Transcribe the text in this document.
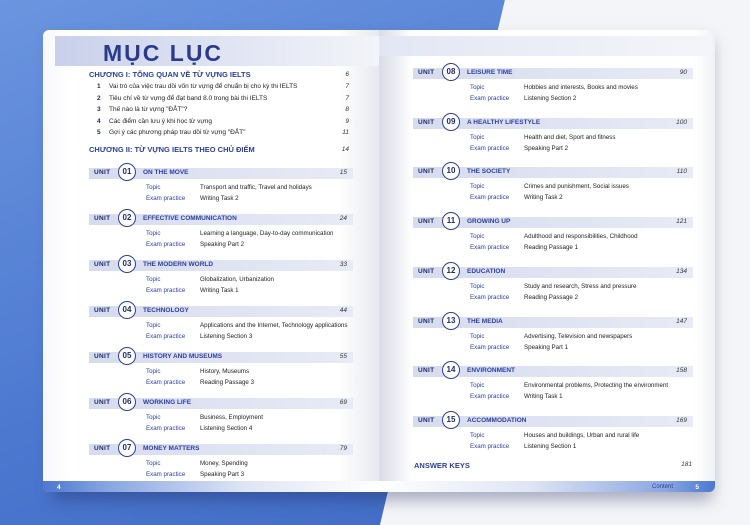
MỤC LỤC
CHƯƠNG I: TỔNG QUAN VỀ TỪ VỰNG IELTS	6
1 Vai trò của việc trau dồi vốn từ vựng để chuẩn bị cho kỳ thi IELTS	7
2 Tiêu chí về từ vựng để đạt band 8.0 trong bài thi IELTS	7
3 Thế nào là từ vựng "ĐẮT"?	8
4 Các điểm cần lưu ý khi học từ vựng	9
5 Gợi ý các phương pháp trau dồi từ vựng "ĐẮT"	11
CHƯƠNG II: TỪ VỰNG IELTS THEO CHỦ ĐIỂM	14
UNIT	01	ON THE MOVE	15
Topic	Transport and traffic, Travel and holidays
Exam practice Writing Task 2
UNIT	02	EFFECTIVE COMMUNICATION	24
Topic	Learning a language, Day-to-day communication
Exam practice Speaking Part 2
UNIT	03	THE MODERN WORLD	33
Topic	Globalization, Urbanization
Exam practice Writing Task 1
UNIT	04	TECHNOLOGY	44
Topic	Applications and the Internet, Technology applications
Exam practice Listening Section 3
UNIT	05	HISTORY AND MUSEUMS	55
Topic	History, Museums
Exam practice Reading Passage 3
UNIT	06	WORKING LIFE	69
Topic	Business, Employment
Exam practice Listening Section 4
UNIT	07	MONEY MATTERS	79
Topic	Money, Spending
Exam practice Speaking Part 3
4
UNIT	08	LEISURE TIME	90
Topic	Hobbies and interests, Books and movies
Exam practice Listening Section 2
UNIT	09	A HEALTHY LIFESTYLE	100
Topic	Health and diet, Sport and fitness
Exam practice Speaking Part 2
UNIT	10	THE SOCIETY	110
Topic	Crimes and punishment, Social issues
Exam practice Writing Task 2
UNIT	11	GROWING UP	121
Topic	Adulthood and responsibilities, Childhood
Exam practice Reading Passage 1
UNIT	12	EDUCATION	134
Topic	Study and research, Stress and pressure
Exam practice Reading Passage 2
UNIT	13	THE MEDIA	147
Topic	Advertising, Television and newspapers
Exam practice Speaking Part 1
UNIT	14	ENVIRONMENT	158
Topic	Environmental problems, Protecting the environment
Exam practice Writing Task 1
UNIT	15	ACCOMMODATION	169
Topic	Houses and buildings, Urban and rural life
Exam practice Listening Section 1
ANSWER KEYS	181
Content	5
